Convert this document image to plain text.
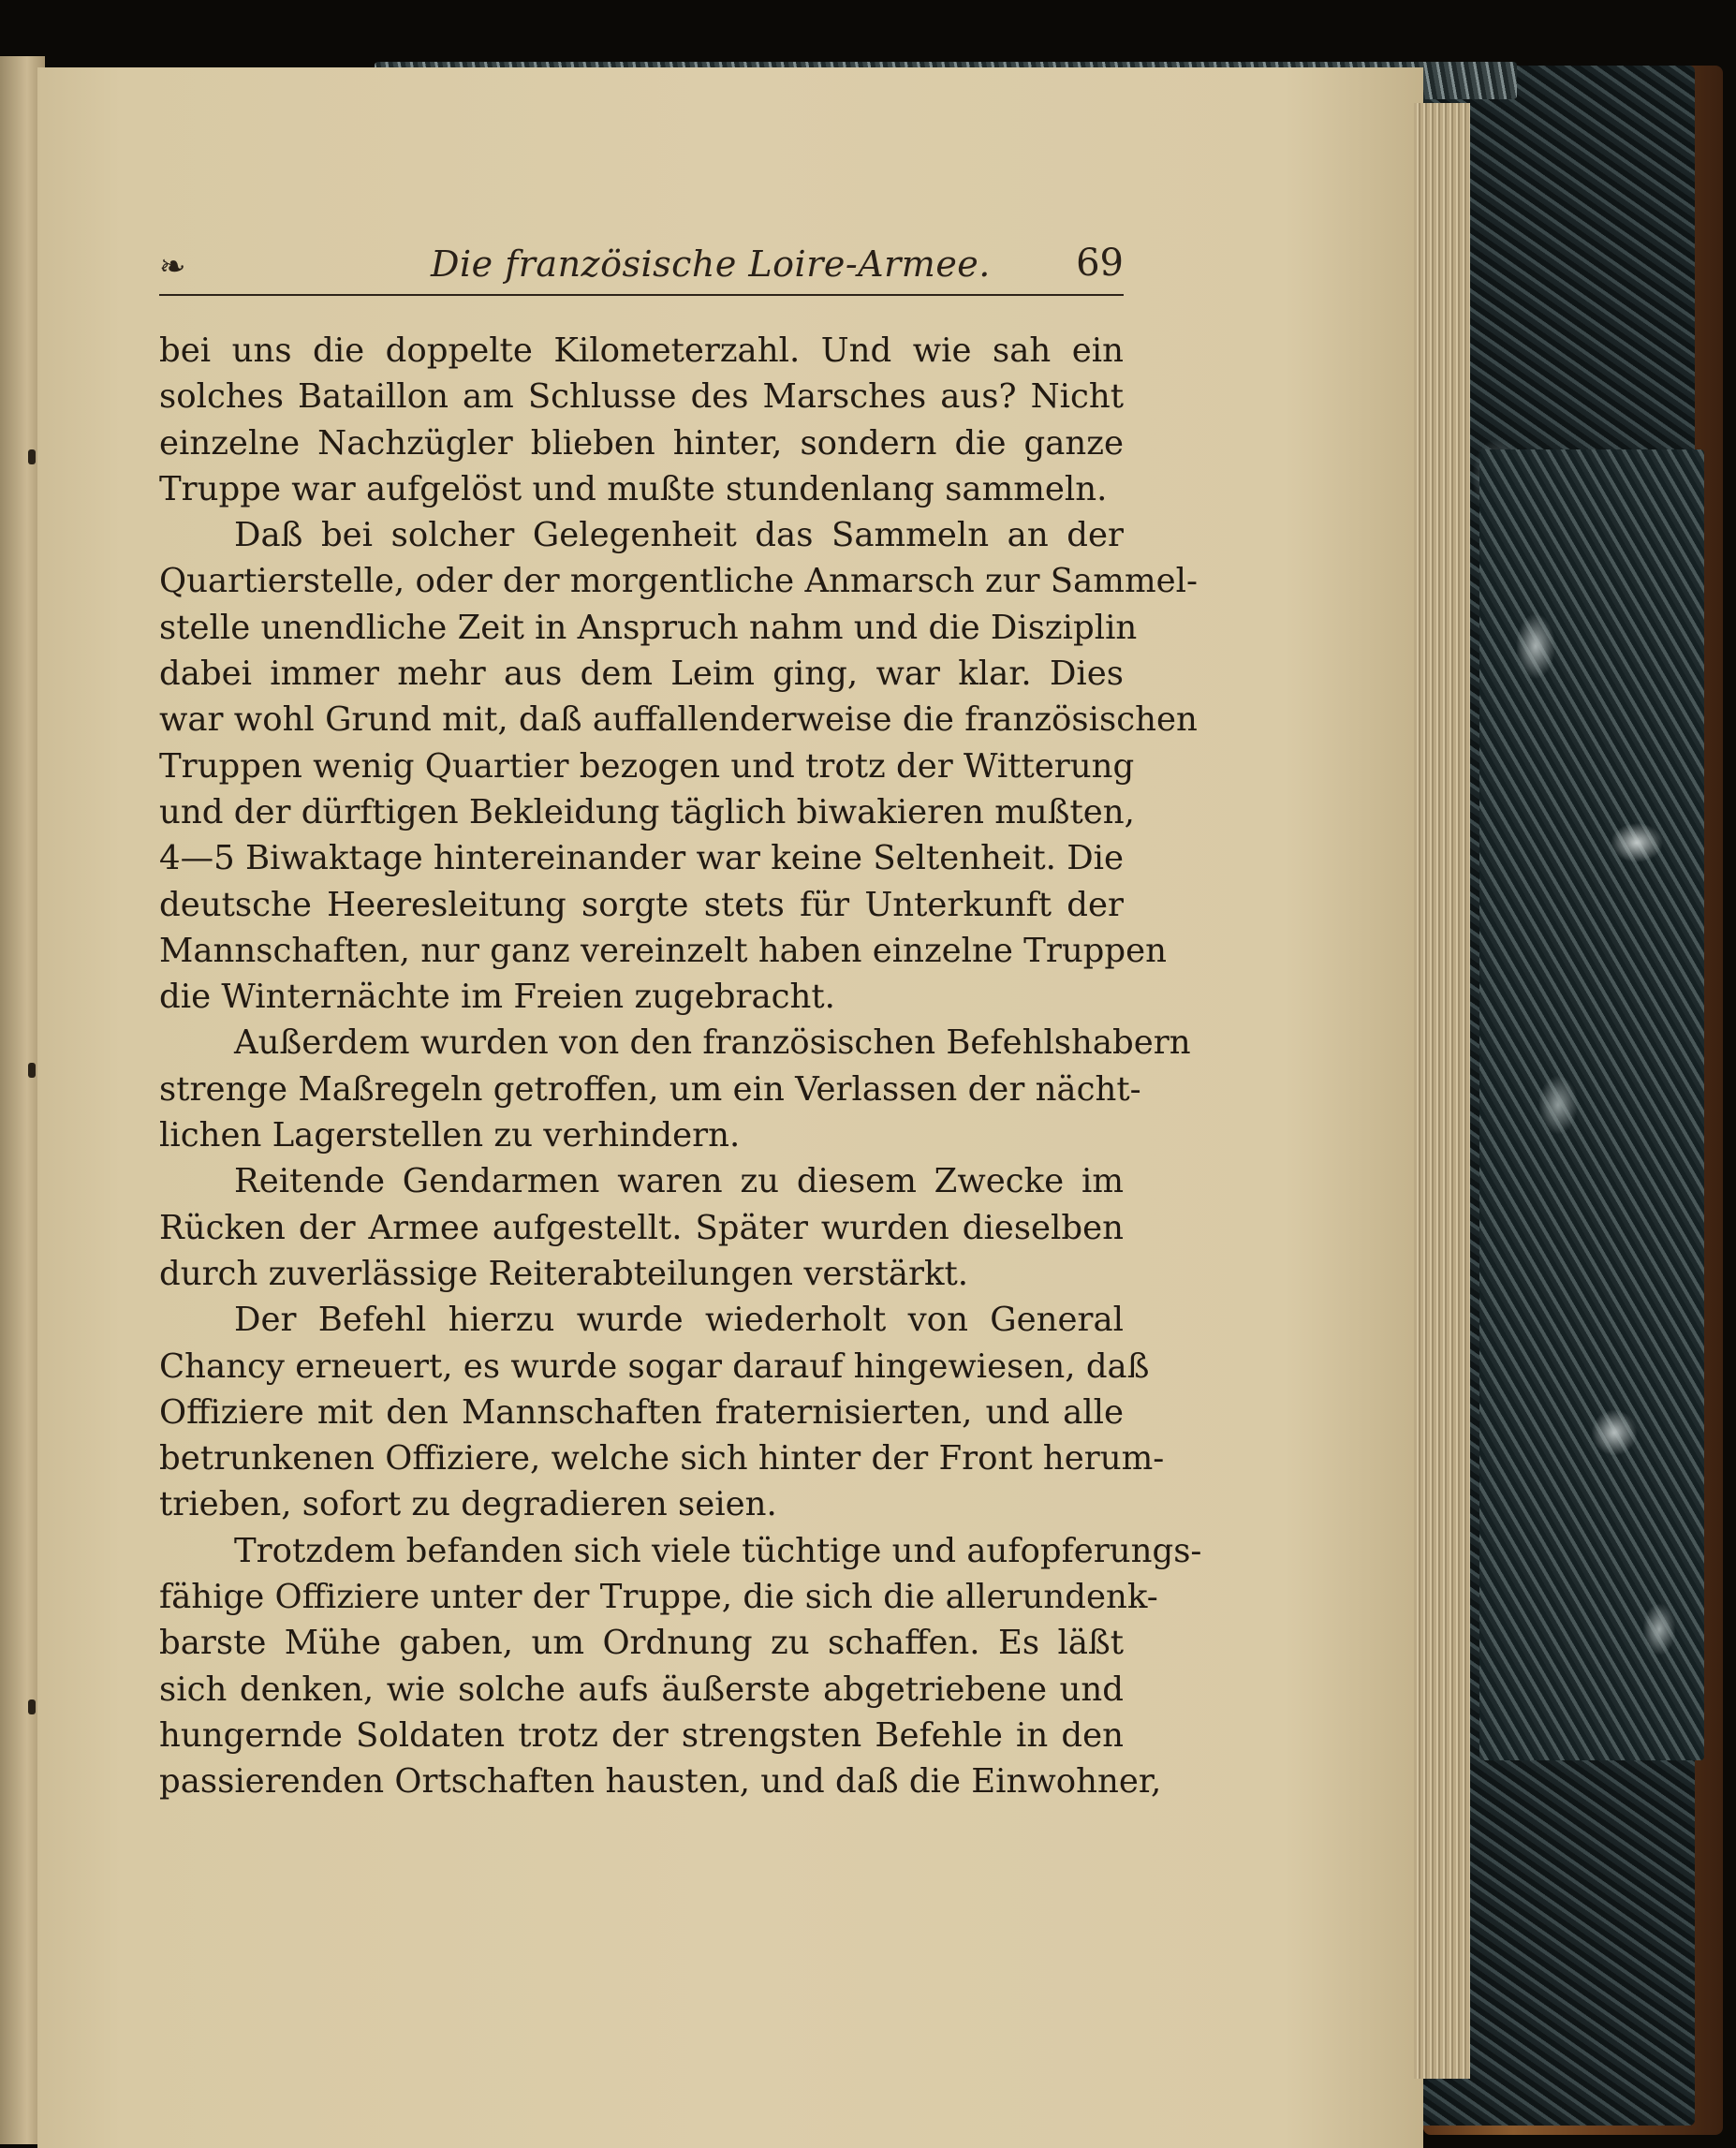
❧	Die französische Loire-Armee. 69
bei uns die doppelte Kilometerzahl. Und wie sah ein
solches Bataillon am Schlusse des Marsches aus? Nicht
einzelne Nachzügler blieben hinter, sondern die ganze
Truppe war aufgelöst und mußte stundenlang sammeln.
Daß bei solcher Gelegenheit das Sammeln an der
Quartierstelle, oder der morgentliche Anmarsch zur Sammel-
stelle unendliche Zeit in Anspruch nahm und die Disziplin
dabei immer mehr aus dem Leim ging, war klar. Dies
war wohl Grund mit, daß auffallenderweise die französischen
Truppen wenig Quartier bezogen und trotz der Witterung
und der dürftigen Bekleidung täglich biwakieren mußten,
4—5 Biwaktage hintereinander war keine Seltenheit. Die
deutsche Heeresleitung sorgte stets für Unterkunft der
Mannschaften, nur ganz vereinzelt haben einzelne Truppen
die Winternächte im Freien zugebracht.
Außerdem wurden von den französischen Befehlshabern
strenge Maßregeln getroffen, um ein Verlassen der nächt-
lichen Lagerstellen zu verhindern.
Reitende Gendarmen waren zu diesem Zwecke im
Rücken der Armee aufgestellt. Später wurden dieselben
durch zuverlässige Reiterabteilungen verstärkt.
Der Befehl hierzu wurde wiederholt von General
Chancy erneuert, es wurde sogar darauf hingewiesen, daß
Offiziere mit den Mannschaften fraternisierten, und alle
betrunkenen Offiziere, welche sich hinter der Front herum-
trieben, sofort zu degradieren seien.
Trotzdem befanden sich viele tüchtige und aufopferungs-
fähige Offiziere unter der Truppe, die sich die allerundenk-
barste Mühe gaben, um Ordnung zu schaffen. Es läßt
sich denken, wie solche aufs äußerste abgetriebene und
hungernde Soldaten trotz der strengsten Befehle in den
passierenden Ortschaften hausten, und daß die Einwohner,
